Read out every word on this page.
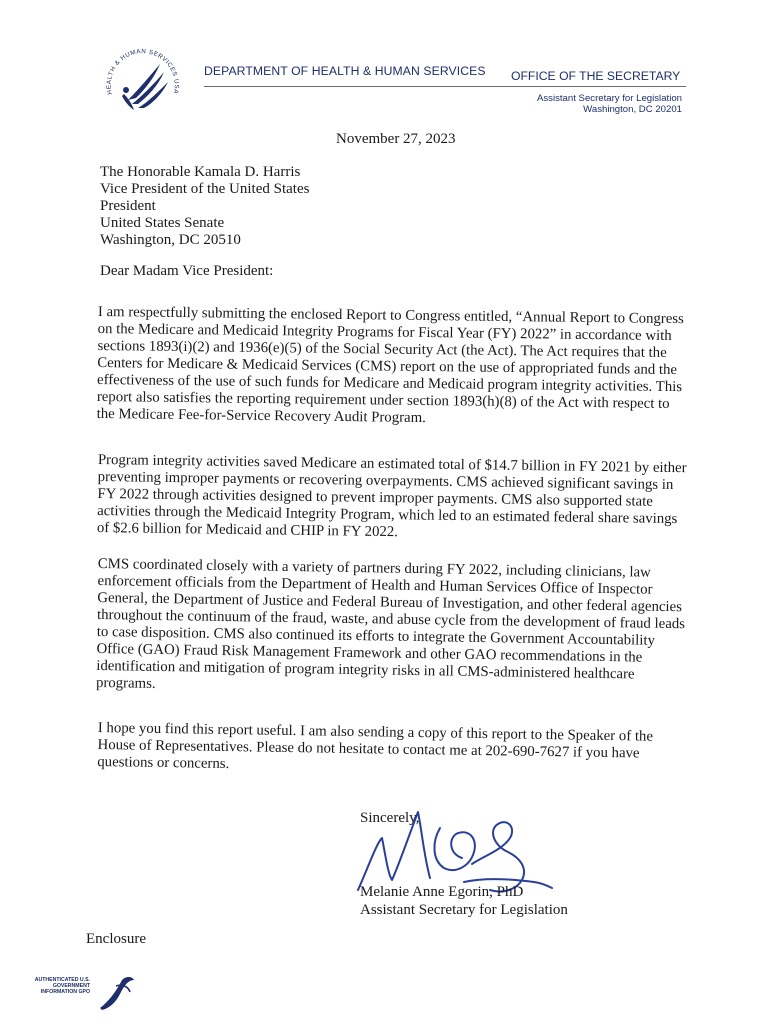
HEALTH & HUMAN SERVICES USA
DEPARTMENT OF HEALTH & HUMAN SERVICES OFFICE OF THE SECRETARY
Assistant Secretary for Legislation
Washington, DC 20201
November 27, 2023
The Honorable Kamala D. Harris
Vice President of the United States
President
United States Senate
Washington, DC 20510
Dear Madam Vice President:
I am respectfully submitting the enclosed Report to Congress entitled, “Annual Report to Congress on the Medicare and Medicaid Integrity Programs for Fiscal Year (FY) 2022” in accordance with sections 1893(i)(2) and 1936(e)(5) of the Social Security Act (the Act). The Act requires that the Centers for Medicare & Medicaid Services (CMS) report on the use of appropriated funds and the effectiveness of the use of such funds for Medicare and Medicaid program integrity activities. This report also satisfies the reporting requirement under section 1893(h)(8) of the Act with respect to the Medicare Fee-for-Service Recovery Audit Program.
Program integrity activities saved Medicare an estimated total of $14.7 billion in FY 2021 by either preventing improper payments or recovering overpayments. CMS achieved significant savings in FY 2022 through activities designed to prevent improper payments. CMS also supported state activities through the Medicaid Integrity Program, which led to an estimated federal share savings of $2.6 billion for Medicaid and CHIP in FY 2022.
CMS coordinated closely with a variety of partners during FY 2022, including clinicians, law enforcement officials from the Department of Health and Human Services Office of Inspector General, the Department of Justice and Federal Bureau of Investigation, and other federal agencies throughout the continuum of the fraud, waste, and abuse cycle from the development of fraud leads to case disposition. CMS also continued its efforts to integrate the Government Accountability Office (GAO) Fraud Risk Management Framework and other GAO recommendations in the identification and mitigation of program integrity risks in all CMS-administered healthcare programs.
I hope you find this report useful. I am also sending a copy of this report to the Speaker of the House of Representatives. Please do not hesitate to contact me at 202-690-7627 if you have questions or concerns.
Sincerely,
Melanie Anne Egorin, PhD
Assistant Secretary for Legislation
Enclosure
AUTHENTICATED U.S. GOVERNMENT INFORMATION GPO
